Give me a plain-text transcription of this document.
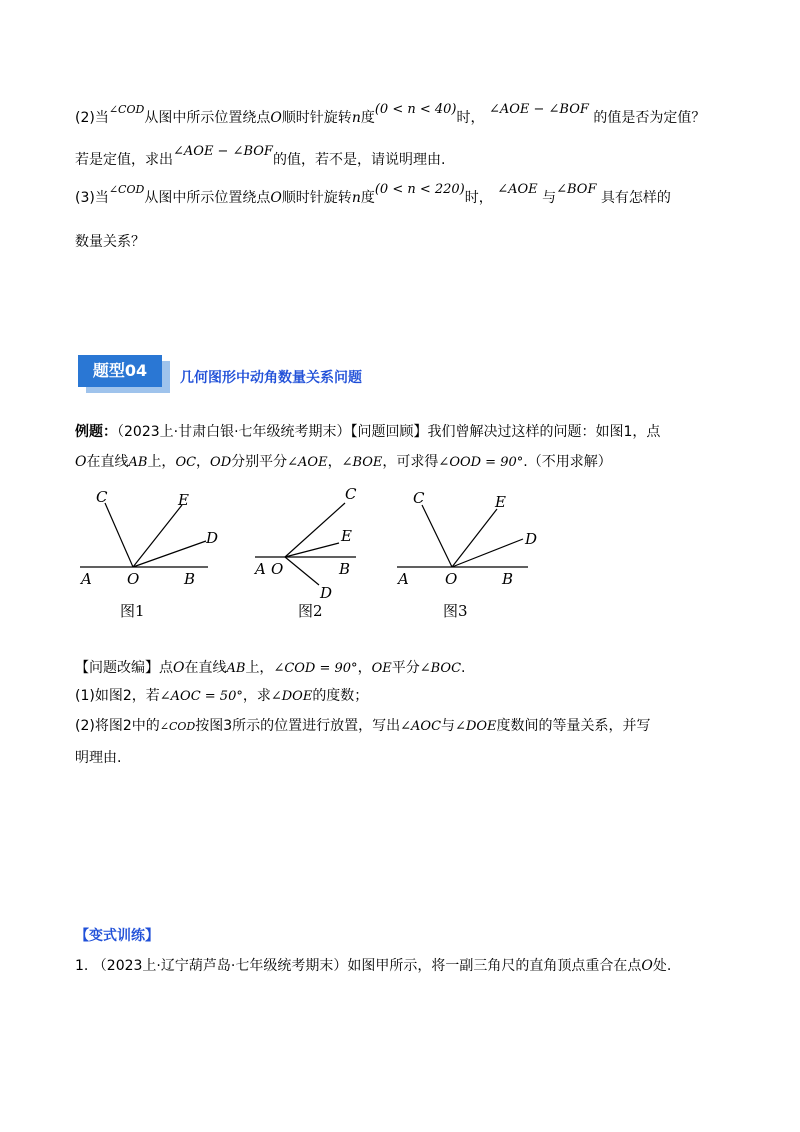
(2)当$^{\angle COD}$从图中所示位置绕点O顺时针旋转n度(0 < n < 40)时， ∠AOE − ∠BOF 的值是否为定值？
若是定值，求出∠AOE − ∠BOF的值，若不是，请说明理由.
(3)当$^{\angle COD}$从图中所示位置绕点O顺时针旋转n度(0 < n < 220)时， ∠AOE 与∠BOF 具有怎样的
数量关系？
题型04	几何图形中动角数量关系问题
例题：（2023上·甘肃白银·七年级统考期末）【问题回顾】我们曾解决过这样的问题：如图1，点
O在直线AB上，OC，OD分别平分∠AOE，∠BOE，可求得∠OOD = 90°.（不用求解）
A O	B
C	E
D
图1
A O	B
C
E
D
图2
A O	B
C	E
D
图3
【问题改编】点O在直线AB上，∠COD = 90°，OE平分∠BOC.
(1)如图2，若∠AOC = 50°，求∠DOE的度数；
(2)将图2中的∠COD按图3所示的位置进行放置，写出∠AOC与∠DOE度数间的等量关系，并写
明理由.
【变式训练】
1. （2023上·辽宁葫芦岛·七年级统考期末）如图甲所示，将一副三角尺的直角顶点重合在点O处.
